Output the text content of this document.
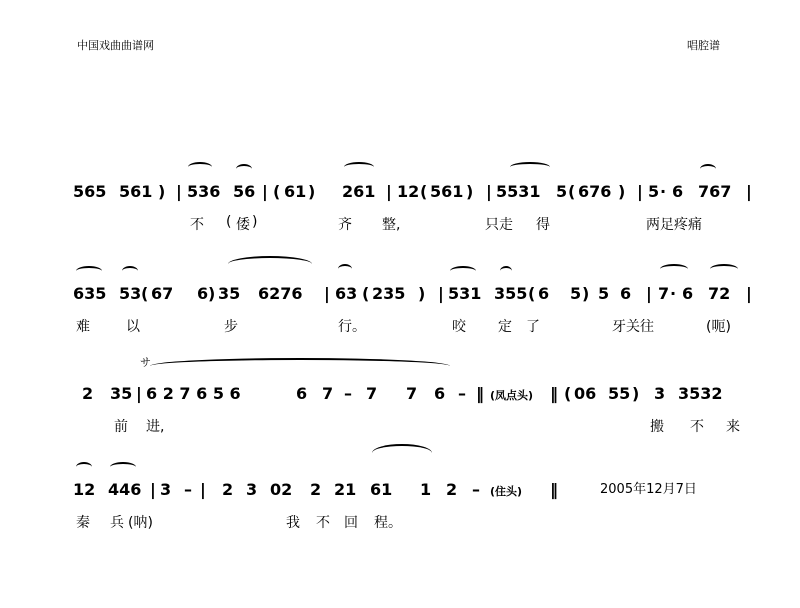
中国戏曲曲谱网	唱腔谱
565 561 ) | 536 56 | ( 61 ) 261 | 12 ( 561 ) | 5531 5 ( 676 ) | 5 · 6 767 |
不 ( 倭 )	齐 整,	只走 得	两足疼痛
635 53 ( 67 6 ) 35 6276 | 63 ( 235 ) | 531 355 ( 6 5 ) 5 6 | 7 · 6 72 |
难	以	步	行。	咬 定 了	牙关往	(呃)
2 35 | 6 2 7 6 5 6	6 7 – 7 7 6 – ‖ (凤点头) ‖ ( 06 55 ) 3 3532
サ
前 进,	搬 不 来
12 446 | 3 – | 2 3 02 2 21 61 1 2 – (住头) ‖
秦 兵 (呐)	我 不 回 程。
2005年12月7日
